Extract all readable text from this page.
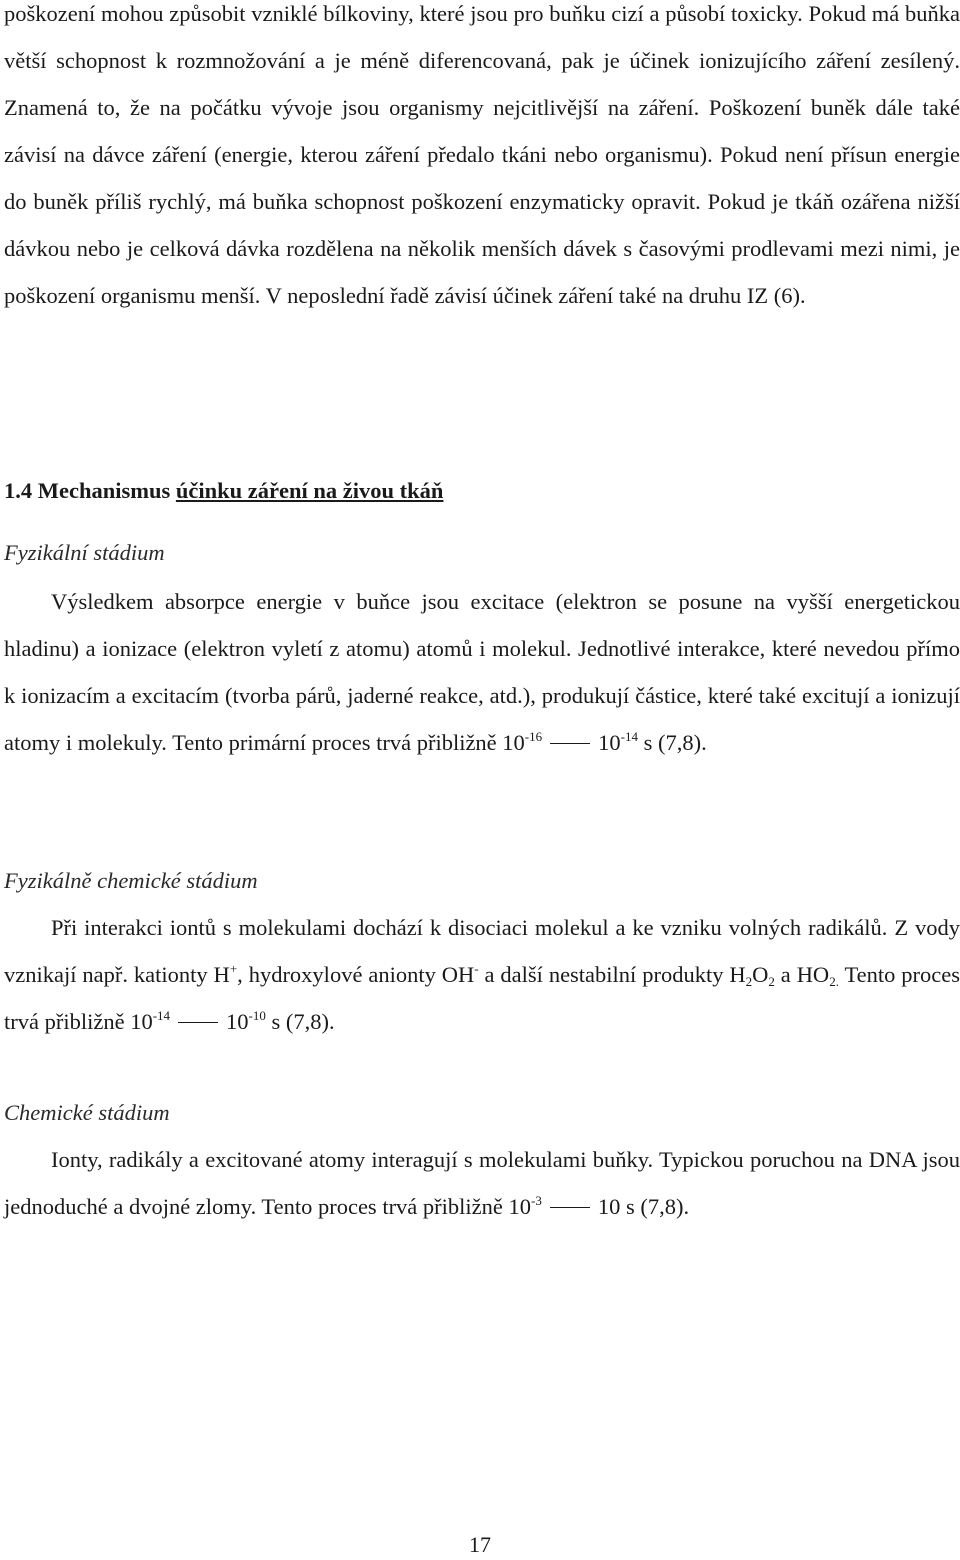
poškození mohou způsobit vzniklé bílkoviny, které jsou pro buňku cizí a působí toxicky. Pokud má buňka větší schopnost k rozmnožování a je méně diferencovaná, pak je účinek ionizujícího záření zesílený. Znamená to, že na počátku vývoje jsou organismy nejcitlivější na záření. Poškození buněk dále také závisí na dávce záření (energie, kterou záření předalo tkáni nebo organismu). Pokud není přísun energie do buněk příliš rychlý, má buňka schopnost poškození enzymaticky opravit. Pokud je tkáň ozářena nižší dávkou nebo je celková dávka rozdělena na několik menších dávek s časovými prodlevami mezi nimi, je poškození organismu menší. V neposlední řadě závisí účinek záření také na druhu IZ (6).

1.4 Mechanismus účinku záření na živou tkáň
Fyzikální stádium

Výsledkem absorpce energie v buňce jsou excitace (elektron se posune na vyšší energetickou hladinu) a ionizace (elektron vyletí z atomu) atomů i molekul. Jednotlivé interakce, které nevedou přímo k ionizacím a excitacím (tvorba párů, jaderné reakce, atd.), produkují částice, které také excitují a ionizují atomy i molekuly. Tento primární proces trvá přibližně $10^{-16}$ $10^{-14}$ s (7,8).

Fyzikálně chemické stádium

Při interakci iontů s molekulami dochází k disociaci molekul a ke vzniku volných radikálů. Z vody vznikají např. kationty H+, hydroxylové anionty OH- a další nestabilní produkty $H_2O_2$ a $HO_{2.}$ Tento proces trvá přibližně $10^{-14}$ $10^{-10}$ s (7,8).

Chemické stádium

Ionty, radikály a excitované atomy interagují s molekulami buňky. Typickou poruchou na DNA jsou jednoduché a dvojné zlomy. Tento proces trvá přibližně $10^{-3}$ 10 s (7,8).

17
